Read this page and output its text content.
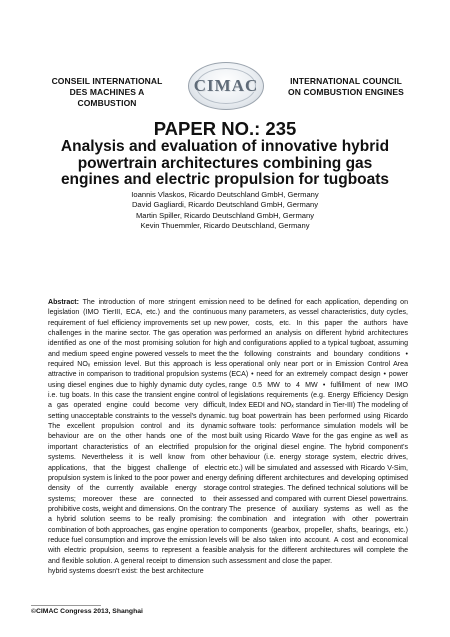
CONSEIL INTERNATIONAL
DES MACHINES A COMBUSTION
CIMAC	INTERNATIONAL COUNCIL
ON COMBUSTION ENGINES
PAPER NO.: 235
Analysis and evaluation of innovative hybrid powertrain architectures combining gas engines and electric propulsion for tugboats
Ioannis Vlaskos, Ricardo Deutschland GmbH, Germany
David Gagliardi, Ricardo Deutschland GmbH, Germany
Martin Spiller, Ricardo Deutschland GmbH, Germany
Kevin Thuemmler, Ricardo Deutschland, Germany
Abstract: The introduction of more stringent emission legislation (IMO TierIII, ECA, etc.) and the continuous requirement of fuel efficiency improvements set up new challenges in the marine sector. The gas operation was identified as one of the most promising solution for high and medium speed engine powered vessels to meet the required NOₓ emission level. But this approach is less attractive in comparison to traditional propulsion systems using diesel engines due to highly dynamic duty cycles, i.e. tug boats. In this case the transient engine control of a gas operated engine could become very difficult, setting unacceptable constraints to the vessel's dynamic. The excellent propulsion control and its dynamic behaviour are on the other hands one of the most important characteristics of an electrified propulsion systems. Nevertheless it is well know from other applications, that the biggest challenge of electric propulsion system is linked to the poor power and energy density of the currently available energy storage systems; moreover these are connected to their prohibitive costs, weight and dimensions. On the contrary a hybrid solution seems to be really promising: the combination of both approaches, gas engine operation to reduce fuel consumption and improve the emission levels with electric propulsion, seems to represent a feasible and flexible solution. A general receipt to dimension such hybrid systems doesn't exist: the best architecture
need to be defined for each application, depending on many parameters, as vessel characteristics, duty cycles, power, costs, etc. In this paper the authors have performed an analysis on different hybrid architectures and configurations applied to a typical tugboat, assuming the following constraints and boundary conditions • operational only near port or in Emission Control Area (ECA) • need for an extremely compact design • power range 0.5 MW to 4 MW • fulfillment of new IMO legislations requirements (e.g. Energy Efficiency Design Index EEDI and NOₓ standard in Tier-III) The modeling of tug boat powertrain has been performed using Ricardo software tools: performance simulation models will be built using Ricardo Wave for the gas engine as well as for the original diesel engine. The hybrid component's behaviour (i.e. energy storage system, electric drives, etc.) will be simulated and assessed with Ricardo V-Sim, defining different architectures and developing optimised control strategies. The defined technical solutions will be assessed and compared with current Diesel powertrains. The presence of auxiliary systems as well as the combination and integration with other powertrain components (gearbox, propeller, shafts, bearings, etc.) will be also taken into account. A cost and economical analysis for the different architectures will complete the assessment and close the paper.
©CIMAC Congress 2013, Shanghai
